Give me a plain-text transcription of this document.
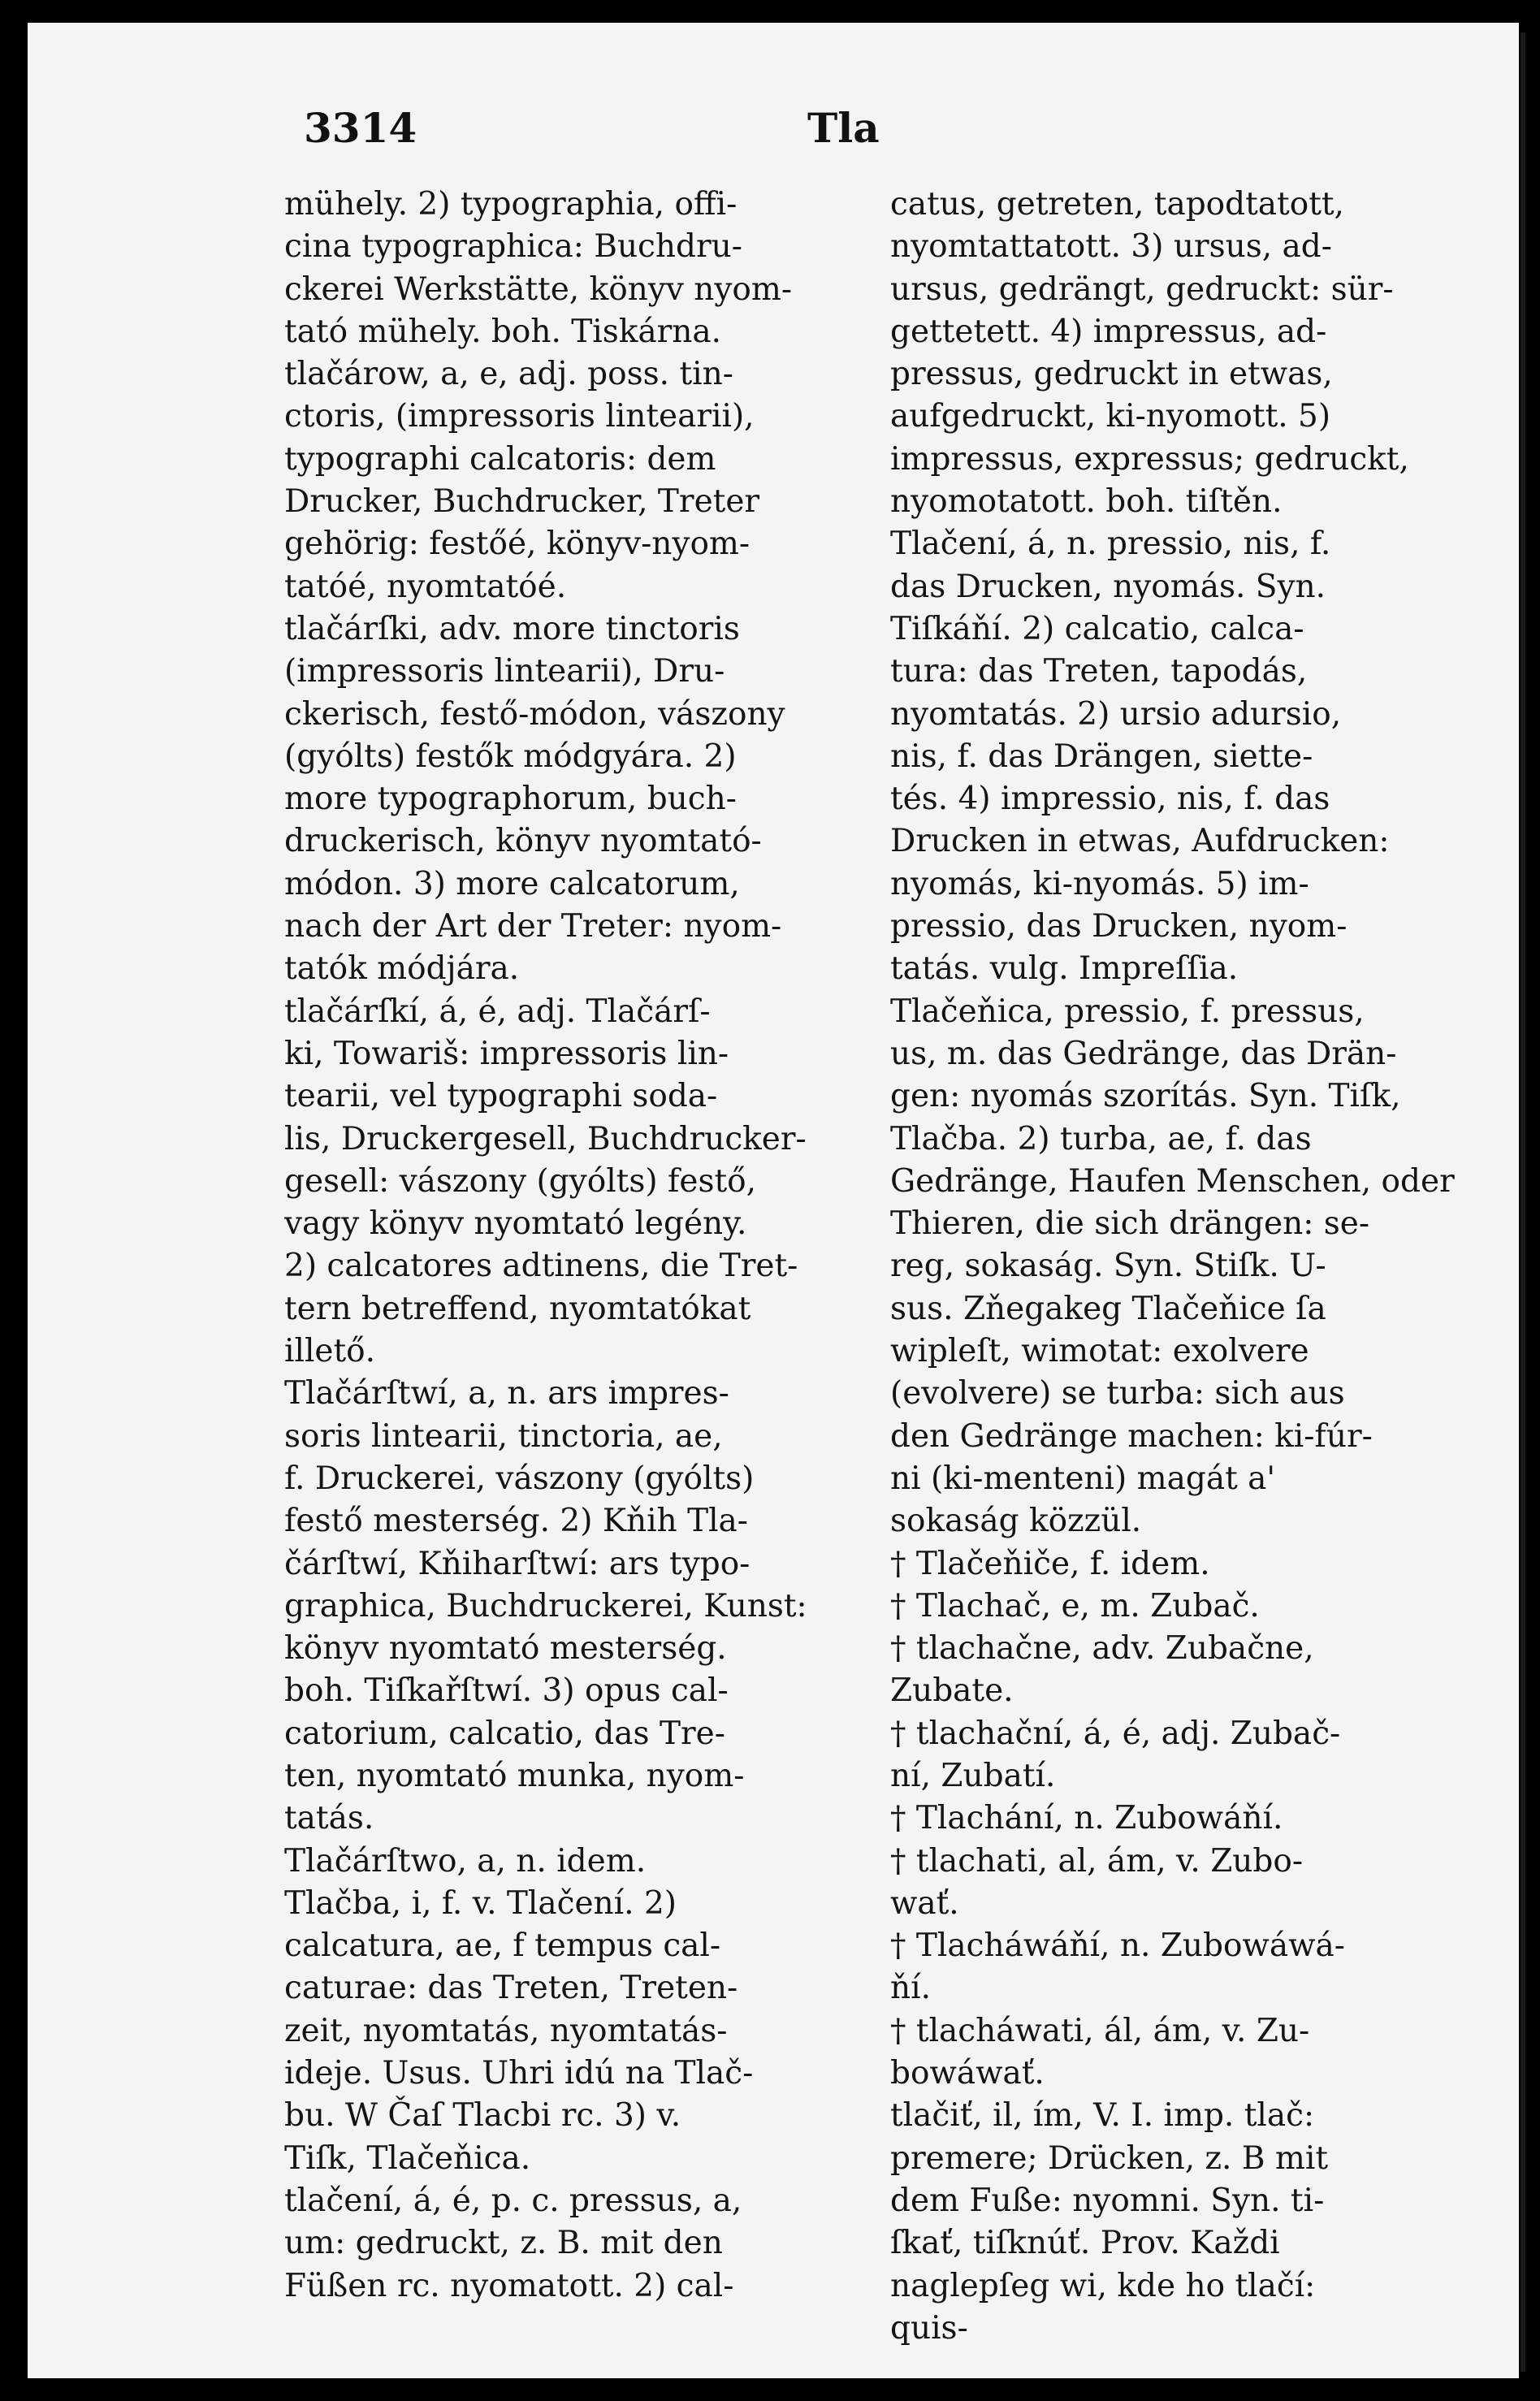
3314	Tla
mühely. 2) typographia, offi-
cina typographica: Buchdru-
ckerei Werkstätte, könyv nyom-
tató mühely. boh. Tiskárna.
tlačárow, a, e, adj. poss. tin-
ctoris, (impressoris lintearii),
typographi calcatoris: dem
Drucker, Buchdrucker, Treter
gehörig: festőé, könyv-nyom-
tatóé, nyomtatóé.
tlačárſki, adv. more tinctoris
(impressoris lintearii), Dru-
ckerisch, festő-módon, vászony
(gyólts) festők módgyára. 2)
more typographorum, buch-
druckerisch, könyv nyomtató-
módon. 3) more calcatorum,
nach der Art der Treter: nyom-
tatók módjára.
tlačárſkí, á, é, adj. Tlačárſ-
ki, Towariš: impressoris lin-
tearii, vel typographi soda-
lis, Druckergesell, Buchdrucker-
gesell: vászony (gyólts) festő,
vagy könyv nyomtató legény.
2) calcatores adtinens, die Tret-
tern betreffend, nyomtatókat
illető.
Tlačárſtwí, a, n. ars impres-
soris lintearii, tinctoria, ae,
f. Druckerei, vászony (gyólts)
festő mesterség. 2) Kňih Tla-
čárſtwí, Kňiharſtwí: ars typo-
graphica, Buchdruckerei, Kunst:
könyv nyomtató mesterség.
boh. Tiſkařſtwí. 3) opus cal-
catorium, calcatio, das Tre-
ten, nyomtató munka, nyom-
tatás.
Tlačárſtwo, a, n. idem.
Tlačba, i, f. v. Tlačení. 2)
calcatura, ae, f tempus cal-
caturae: das Treten, Treten-
zeit, nyomtatás, nyomtatás-
ideje. Usus. Uhri idú na Tlač-
bu. W Čaſ Tlacbi rc. 3) v.
Tiſk, Tlačeňica.
tlačení, á, é, p. c. pressus, a,
um: gedruckt, z. B. mit den
Füßen rc. nyomatott. 2) cal-
catus, getreten, tapodtatott,
nyomtattatott. 3) ursus, ad-
ursus, gedrängt, gedruckt: sür-
gettetett. 4) impressus, ad-
pressus, gedruckt in etwas,
aufgedruckt, ki-nyomott. 5)
impressus, expressus; gedruckt,
nyomotatott. boh. tiſtěn.
Tlačení, á, n. pressio, nis, f.
das Drucken, nyomás. Syn.
Tiſkáňí. 2) calcatio, calca-
tura: das Treten, tapodás,
nyomtatás. 2) ursio adursio,
nis, f. das Drängen, siette-
tés. 4) impressio, nis, f. das
Drucken in etwas, Aufdrucken:
nyomás, ki-nyomás. 5) im-
pressio, das Drucken, nyom-
tatás. vulg. Impreſſia.
Tlačeňica, pressio, f. pressus,
us, m. das Gedränge, das Drän-
gen: nyomás szorítás. Syn. Tiſk,
Tlačba. 2) turba, ae, f. das
Gedränge, Haufen Menschen, oder
Thieren, die sich drängen: se-
reg, sokaság. Syn. Stiſk. U-
sus. Zňegakeg Tlačeňice ſa
wipleſt, wimotat: exolvere
(evolvere) se turba: sich aus
den Gedränge machen: ki-fúr-
ni (ki-menteni) magát a'
sokaság közzül.
† Tlačeňiče, f. idem.
† Tlachač, e, m. Zubač.
† tlachačne, adv. Zubačne,
Zubate.
† tlachační, á, é, adj. Zubač-
ní, Zubatí.
† Tlachání, n. Zubowáňí.
† tlachati, al, ám, v. Zubo-
wať.
† Tlacháwáňí, n. Zubowáwá-
ňí.
† tlacháwati, ál, ám, v. Zu-
bowáwať.
tlačiť, il, ím, V. I. imp. tlač:
premere; Drücken, z. B mit
dem Fuße: nyomni. Syn. ti-
ſkať, tiſknúť. Prov. Každi
naglepſeg wi, kde ho tlačí:
quis-
